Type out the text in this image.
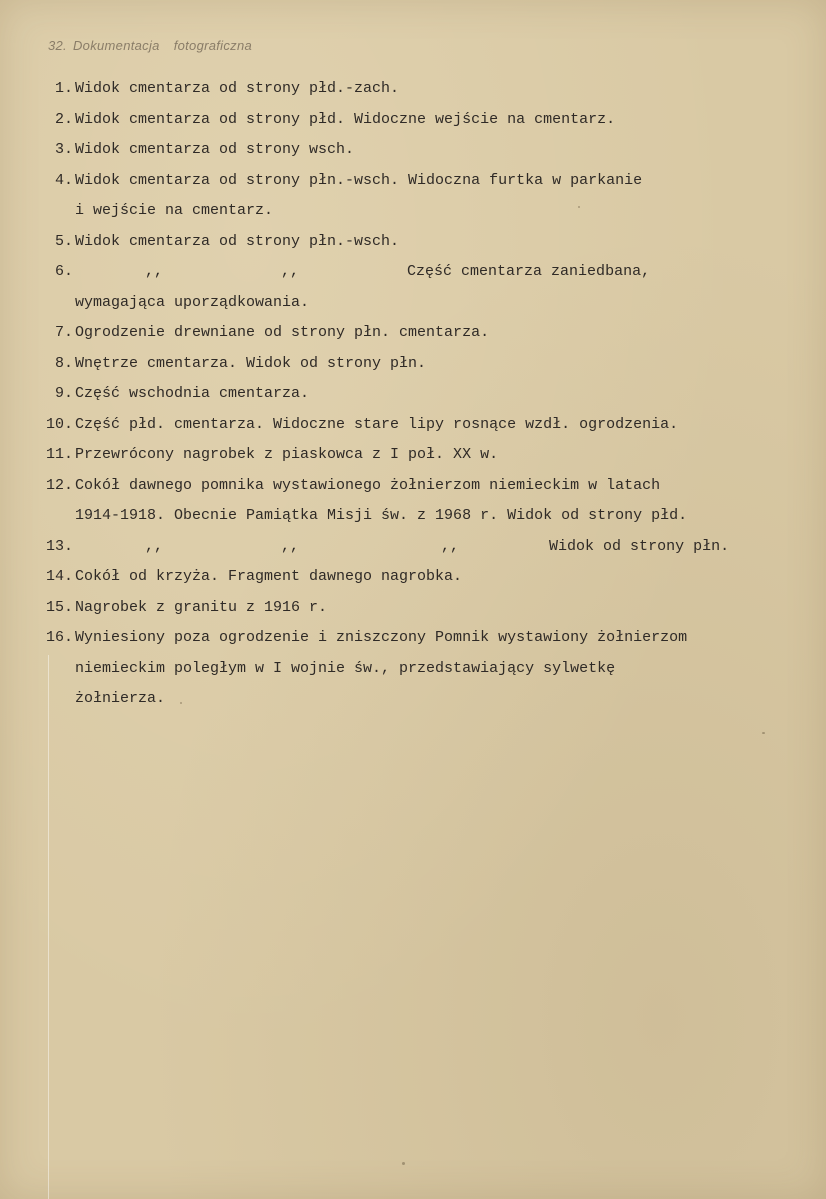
32. Dokumentacja fotograficzna
1. Widok cmentarza od strony płd.-zach.
2. Widok cmentarza od strony płd. Widoczne wejście na cmentarz.
3. Widok cmentarza od strony wsch.
4. Widok cmentarza od strony płn.-wsch. Widoczna furtka w parkanie
i wejście na cmentarz.
5. Widok cmentarza od strony płn.-wsch.
6.	,,	,,	Część cmentarza zaniedbana,
wymagająca uporządkowania.
7. Ogrodzenie drewniane od strony płn. cmentarza.
8. Wnętrze cmentarza. Widok od strony płn.
9. Część wschodnia cmentarza.
10. Część płd. cmentarza. Widoczne stare lipy rosnące wzdł. ogrodzenia.
11. Przewrócony nagrobek z piaskowca z I poł. XX w.
12. Cokół dawnego pomnika wystawionego żołnierzom niemieckim w latach
1914-1918. Obecnie Pamiątka Misji św. z 1968 r. Widok od strony płd.
13.	,,	,,	,,	Widok od strony płn.
14. Cokół od krzyża. Fragment dawnego nagrobka.
15. Nagrobek z granitu z 1916 r.
16. Wyniesiony poza ogrodzenie i zniszczony Pomnik wystawiony żołnierzom
niemieckim poległym w I wojnie św., przedstawiający sylwetkę
żołnierza.
